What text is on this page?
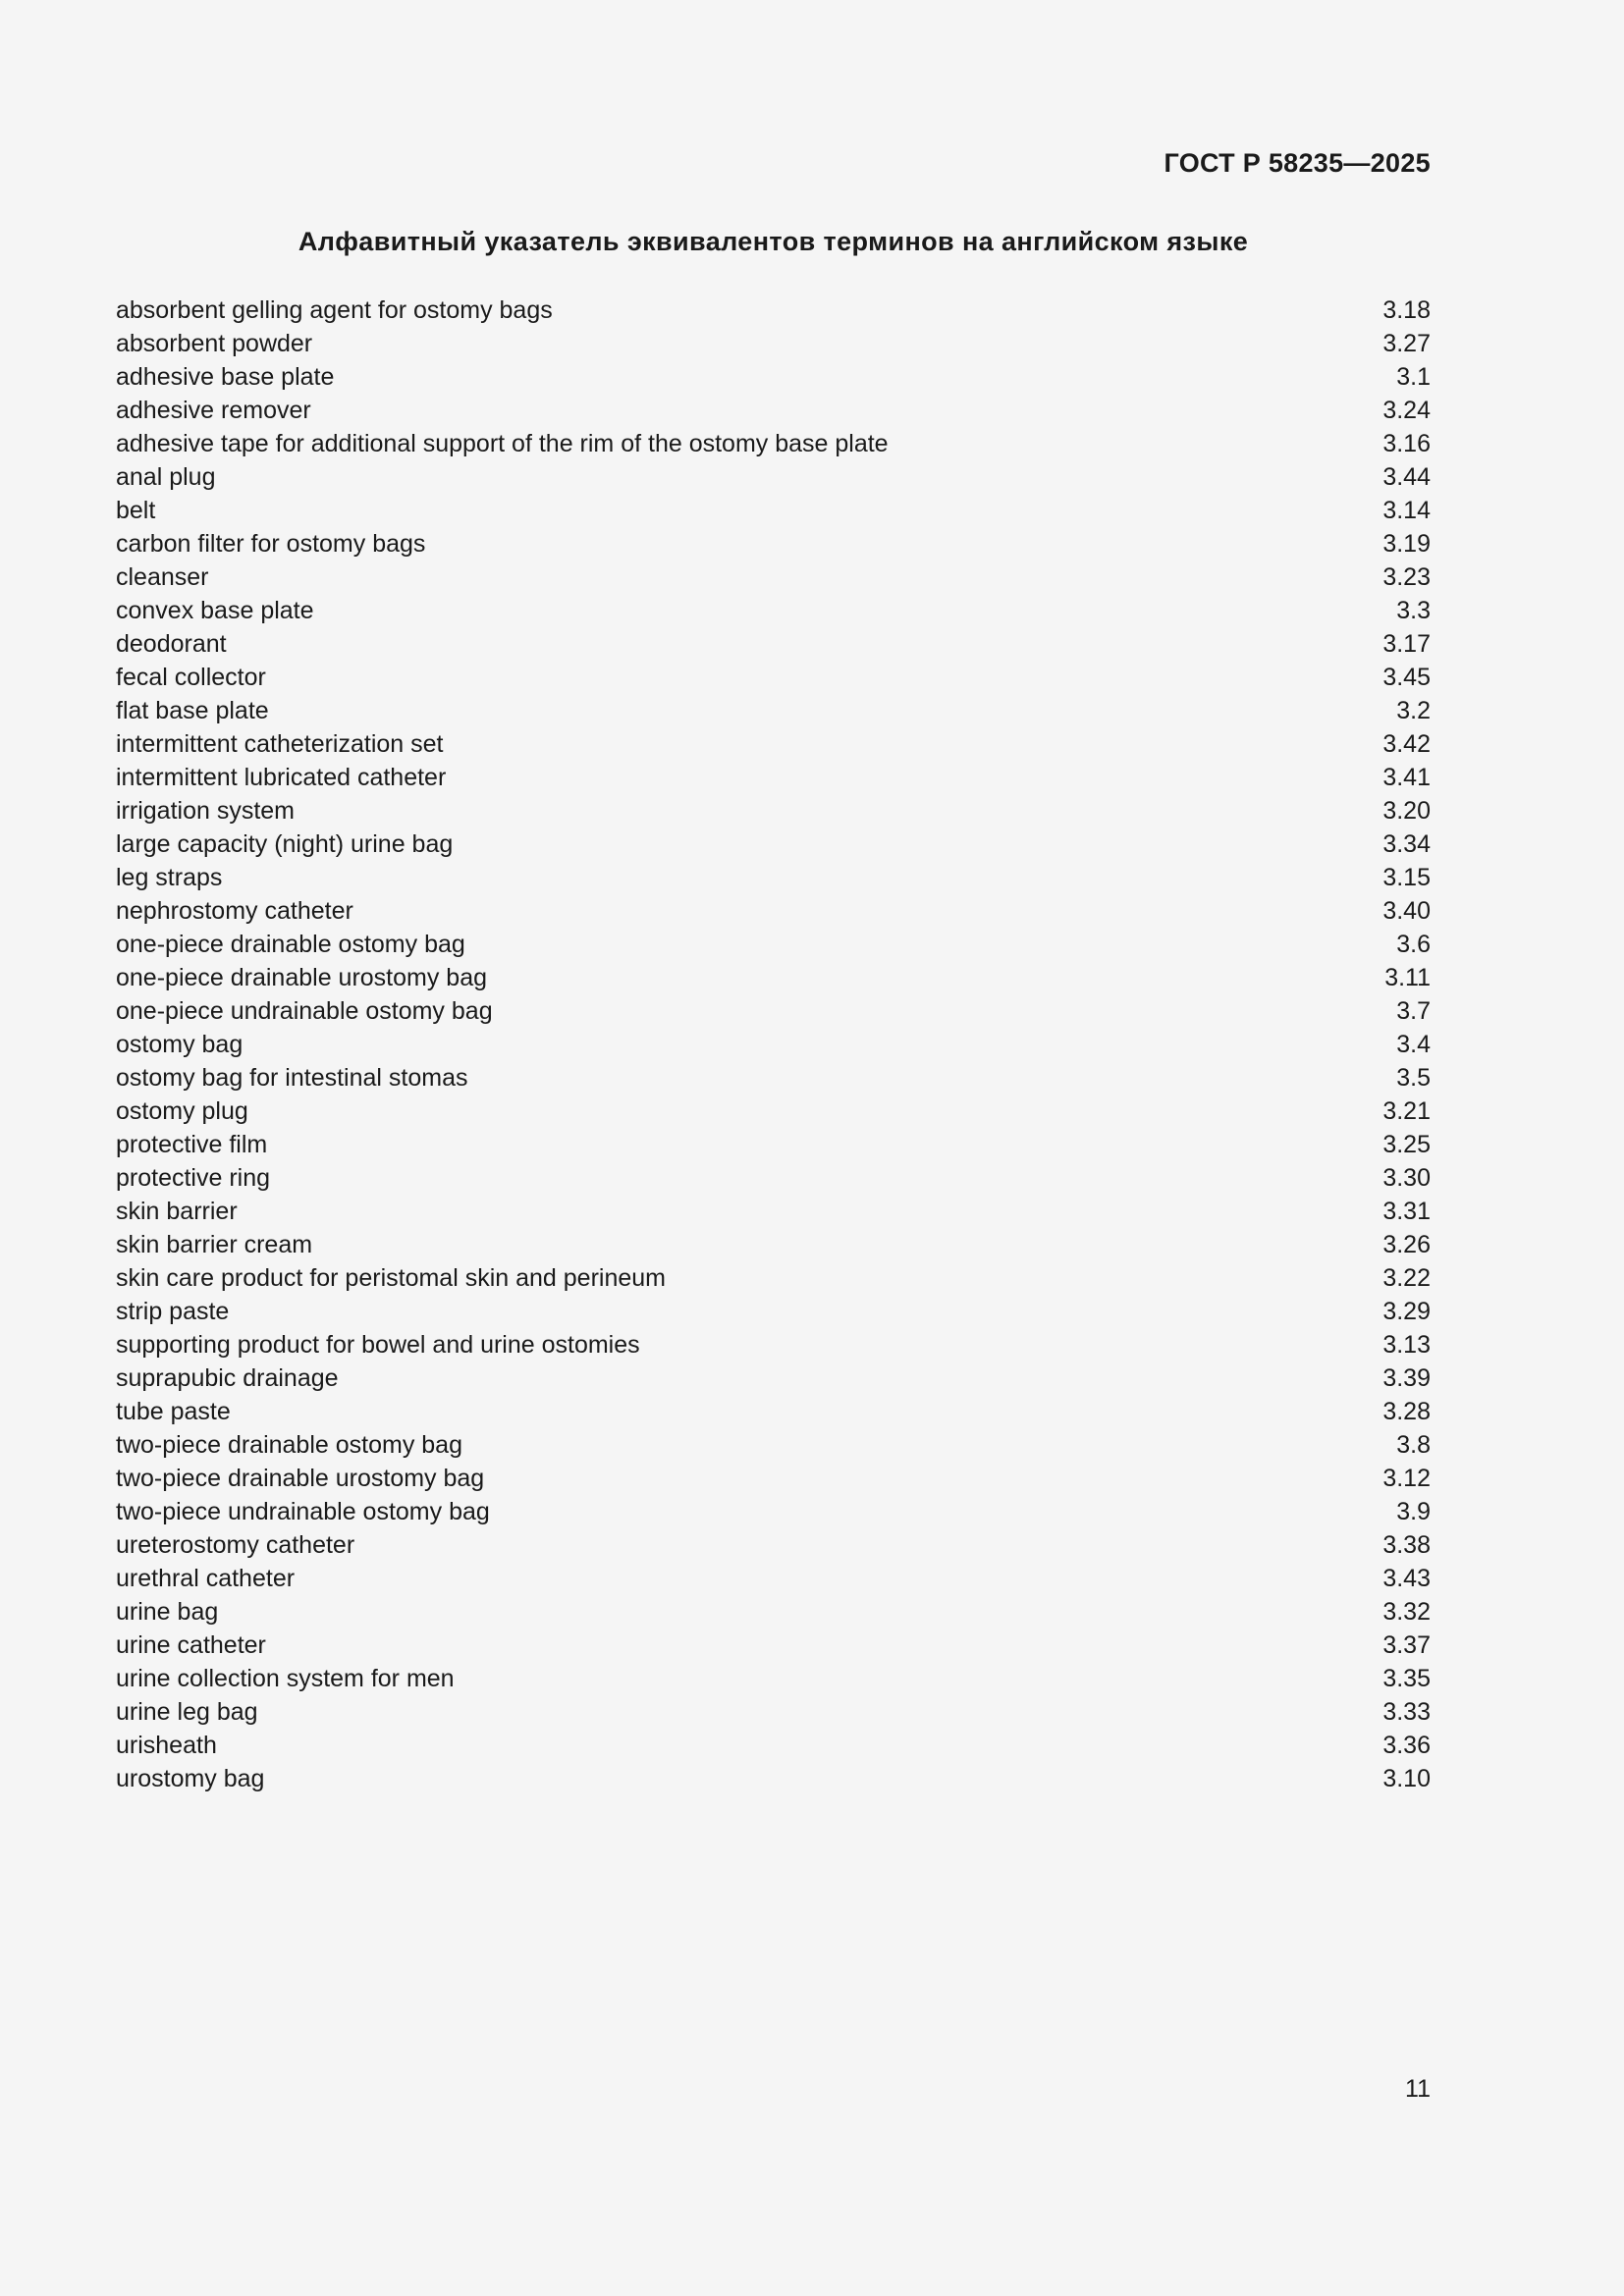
ГОСТ Р 58235—2025
Алфавитный указатель эквивалентов терминов на английском языке
absorbent gelling agent for ostomy bags	3.18
absorbent powder	3.27
adhesive base plate	3.1
adhesive remover	3.24
adhesive tape for additional support of the rim of the ostomy base plate	3.16
anal plug	3.44
belt	3.14
carbon filter for ostomy bags	3.19
cleanser	3.23
convex base plate	3.3
deodorant	3.17
fecal collector	3.45
flat base plate	3.2
intermittent catheterization set	3.42
intermittent lubricated catheter	3.41
irrigation system	3.20
large capacity (night) urine bag	3.34
leg straps	3.15
nephrostomy catheter	3.40
one-piece drainable ostomy bag	3.6
one-piece drainable urostomy bag	3.11
one-piece undrainable ostomy bag	3.7
ostomy bag	3.4
ostomy bag for intestinal stomas	3.5
ostomy plug	3.21
protective film	3.25
protective ring	3.30
skin barrier	3.31
skin barrier cream	3.26
skin care product for peristomal skin and perineum	3.22
strip paste	3.29
supporting product for bowel and urine ostomies	3.13
suprapubic drainage	3.39
tube paste	3.28
two-piece drainable ostomy bag	3.8
two-piece drainable urostomy bag	3.12
two-piece undrainable ostomy bag	3.9
ureterostomy catheter	3.38
urethral catheter	3.43
urine bag	3.32
urine catheter	3.37
urine collection system for men	3.35
urine leg bag	3.33
urisheath	3.36
urostomy bag	3.10
11
